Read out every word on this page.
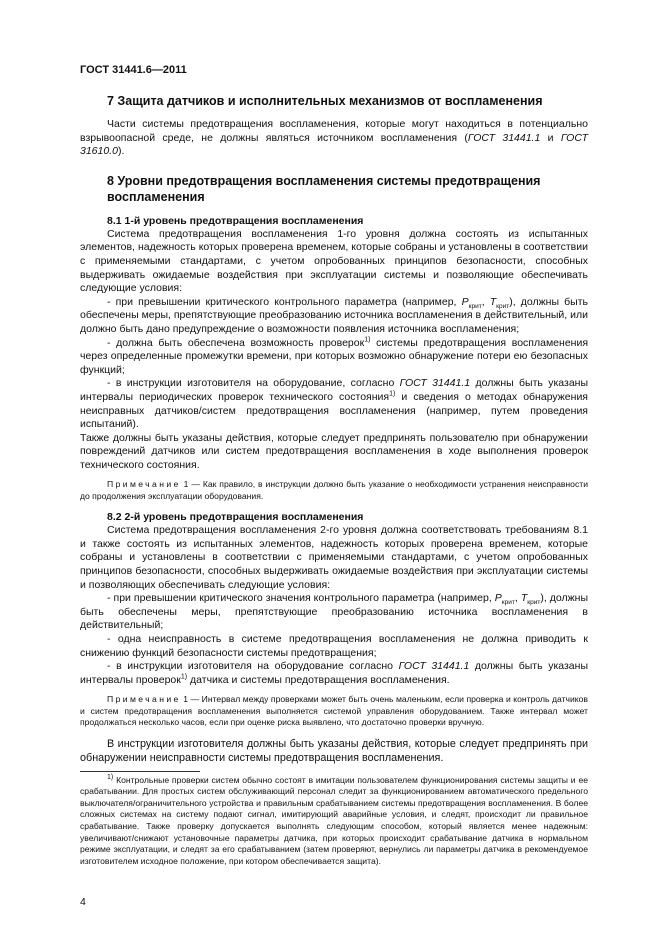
ГОСТ 31441.6—2011
7 Защита датчиков и исполнительных механизмов от воспламенения

Части системы предотвращения воспламенения, которые могут находиться в потенциально взрывоопасной среде, не должны являться источником воспламенения (ГОСТ 31441.1 и ГОСТ 31610.0).

8 Уровни предотвращения воспламенения системы предотвращения воспламенения
8.1 1-й уровень предотвращения воспламенения

Система предотвращения воспламенения 1-го уровня должна состоять из испытанных элементов, надежность которых проверена временем, которые собраны и установлены в соответствии с применяемыми стандартами, с учетом опробованных принципов безопасности, способных выдерживать ожидаемые воздействия при эксплуатации системы и позволяющие обеспечивать следующие условия:

- при превышении критического контрольного параметра (например, $P_{крит}$, $T_{крит}$), должны быть обеспечены меры, препятствующие преобразованию источника воспламенения в действительный, или должно быть дано предупреждение о возможности появления источника воспламенения;

- должна быть обеспечена возможность проверок$^{1)}$ системы предотвращения воспламенения через определенные промежутки времени, при которых возможно обнаружение потери ею безопасных функций;

- в инструкции изготовителя на оборудование, согласно ГОСТ 31441.1 должны быть указаны интервалы периодических проверок технического состояния$^{1)}$ и сведения о методах обнаружения неисправных датчиков/систем предотвращения воспламенения (например, путем проведения испытаний).

Также должны быть указаны действия, которые следует предпринять пользователю при обнаружении повреждений датчиков или систем предотвращения воспламенения в ходе выполнения проверок технического состояния.

Примечание 1 — Как правило, в инструкции должно быть указание о необходимости устранения неисправности до продолжения эксплуатации оборудования.

8.2 2-й уровень предотвращения воспламенения

Система предотвращения воспламенения 2-го уровня должна соответствовать требованиям 8.1 и также состоять из испытанных элементов, надежность которых проверена временем, которые собраны и установлены в соответствии с применяемыми стандартами, с учетом опробованных принципов безопасности, способных выдерживать ожидаемые воздействия при эксплуатации системы и позволяющих обеспечивать следующие условия:

- при превышении критического значения контрольного параметра (например, $P_{крит}$, $T_{крит}$), должны быть обеспечены меры, препятствующие преобразованию источника воспламенения в действительный;

- одна неисправность в системе предотвращения воспламенения не должна приводить к снижению функций безопасности системы предотвращения;

- в инструкции изготовителя на оборудование согласно ГОСТ 31441.1 должны быть указаны интервалы проверок$^{1)}$ датчика и системы предотвращения воспламенения.

Примечание 1 — Интервал между проверками может быть очень маленьким, если проверка и контроль датчиков и систем предотвращения воспламенения выполняется системой управления оборудованием. Также интервал может продолжаться несколько часов, если при оценке риска выявлено, что достаточно проверки вручную.

В инструкции изготовителя должны быть указаны действия, которые следует предпринять при обнаружении неисправности системы предотвращения воспламенения.

$^{1)}$ Контрольные проверки систем обычно состоят в имитации пользователем функционирования системы защиты и ее срабатывании. Для простых систем обслуживающий персонал следит за функционированием автоматического предельного выключателя/ограничительного устройства и правильным срабатыванием системы предотвращения воспламенения. В более сложных системах на систему подают сигнал, имитирующий аварийные условия, и следят, происходит ли правильное срабатывание. Также проверку допускается выполнять следующим способом, который является менее надежным: увеличивают/снижают установочные параметры датчика, при которых происходит срабатывание датчика в нормальном режиме эксплуатации, и следят за его срабатыванием (затем проверяют, вернулись ли параметры датчика в рекомендуемое изготовителем исходное положение, при котором обеспечивается защита).

4
